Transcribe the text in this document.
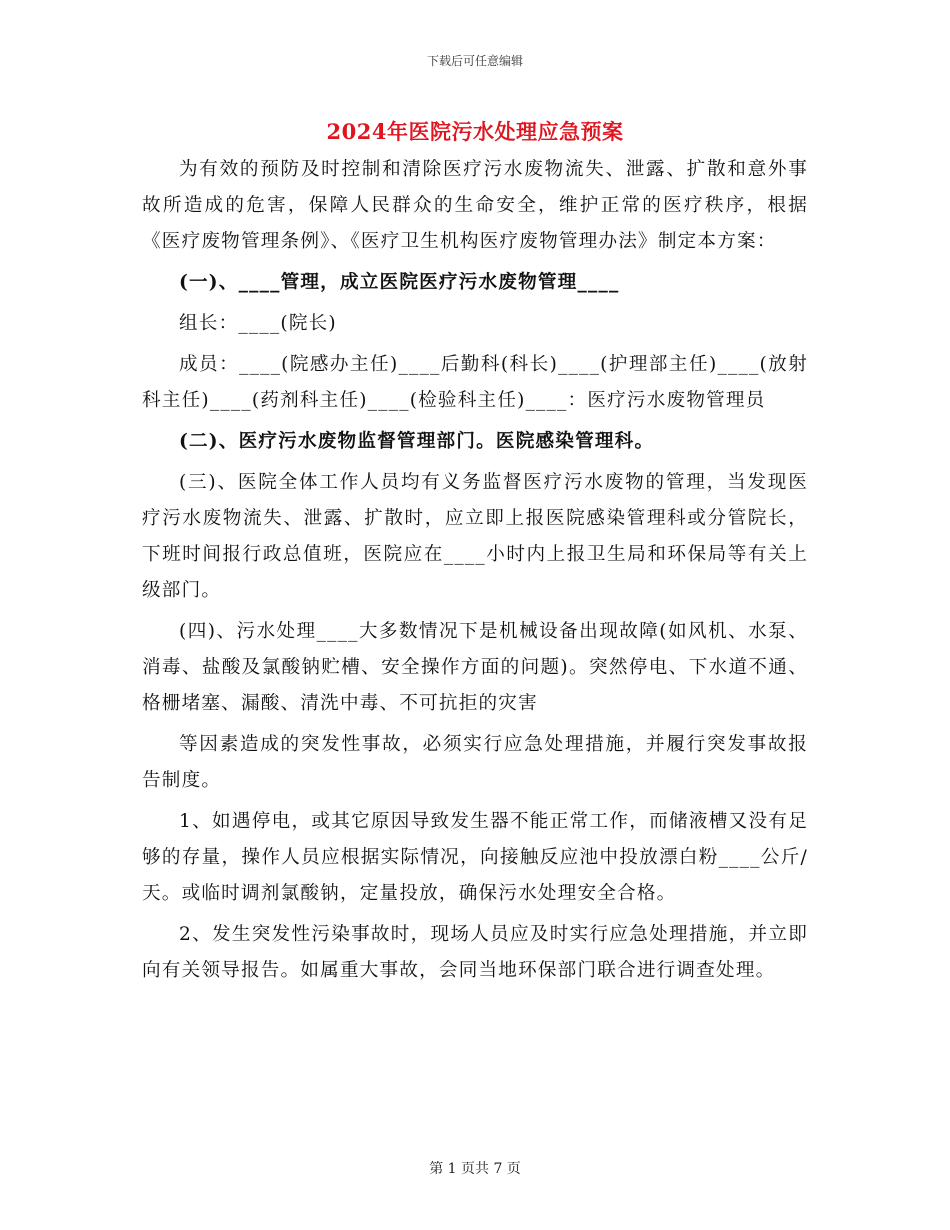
下载后可任意编辑
2024年医院污水处理应急预案

为有效的预防及时控制和清除医疗污水废物流失、泄露、扩散和意外事故所造成的危害，保障人民群众的生命安全，维护正常的医疗秩序，根据《医疗废物管理条例》、《医疗卫生机构医疗废物管理办法》制定本方案：

(一)、____管理，成立医院医疗污水废物管理____

组长：____(院长)

成员：____(院感办主任)____后勤科(科长)____(护理部主任)____(放射科主任)____(药剂科主任)____(检验科主任)____：医疗污水废物管理员

(二)、医疗污水废物监督管理部门。医院感染管理科。

(三)、医院全体工作人员均有义务监督医疗污水废物的管理，当发现医疗污水废物流失、泄露、扩散时，应立即上报医院感染管理科或分管院长，下班时间报行政总值班，医院应在____小时内上报卫生局和环保局等有关上级部门。

(四)、污水处理____大多数情况下是机械设备出现故障(如风机、水泵、消毒、盐酸及氯酸钠贮槽、安全操作方面的问题)。突然停电、下水道不通、格栅堵塞、漏酸、清洗中毒、不可抗拒的灾害

等因素造成的突发性事故，必须实行应急处理措施，并履行突发事故报告制度。

1、如遇停电，或其它原因导致发生器不能正常工作，而储液槽又没有足够的存量，操作人员应根据实际情况，向接触反应池中投放漂白粉____公斤/天。或临时调剂氯酸钠，定量投放，确保污水处理安全合格。

2、发生突发性污染事故时，现场人员应及时实行应急处理措施，并立即向有关领导报告。如属重大事故，会同当地环保部门联合进行调查处理。

第 1 页共 7 页
